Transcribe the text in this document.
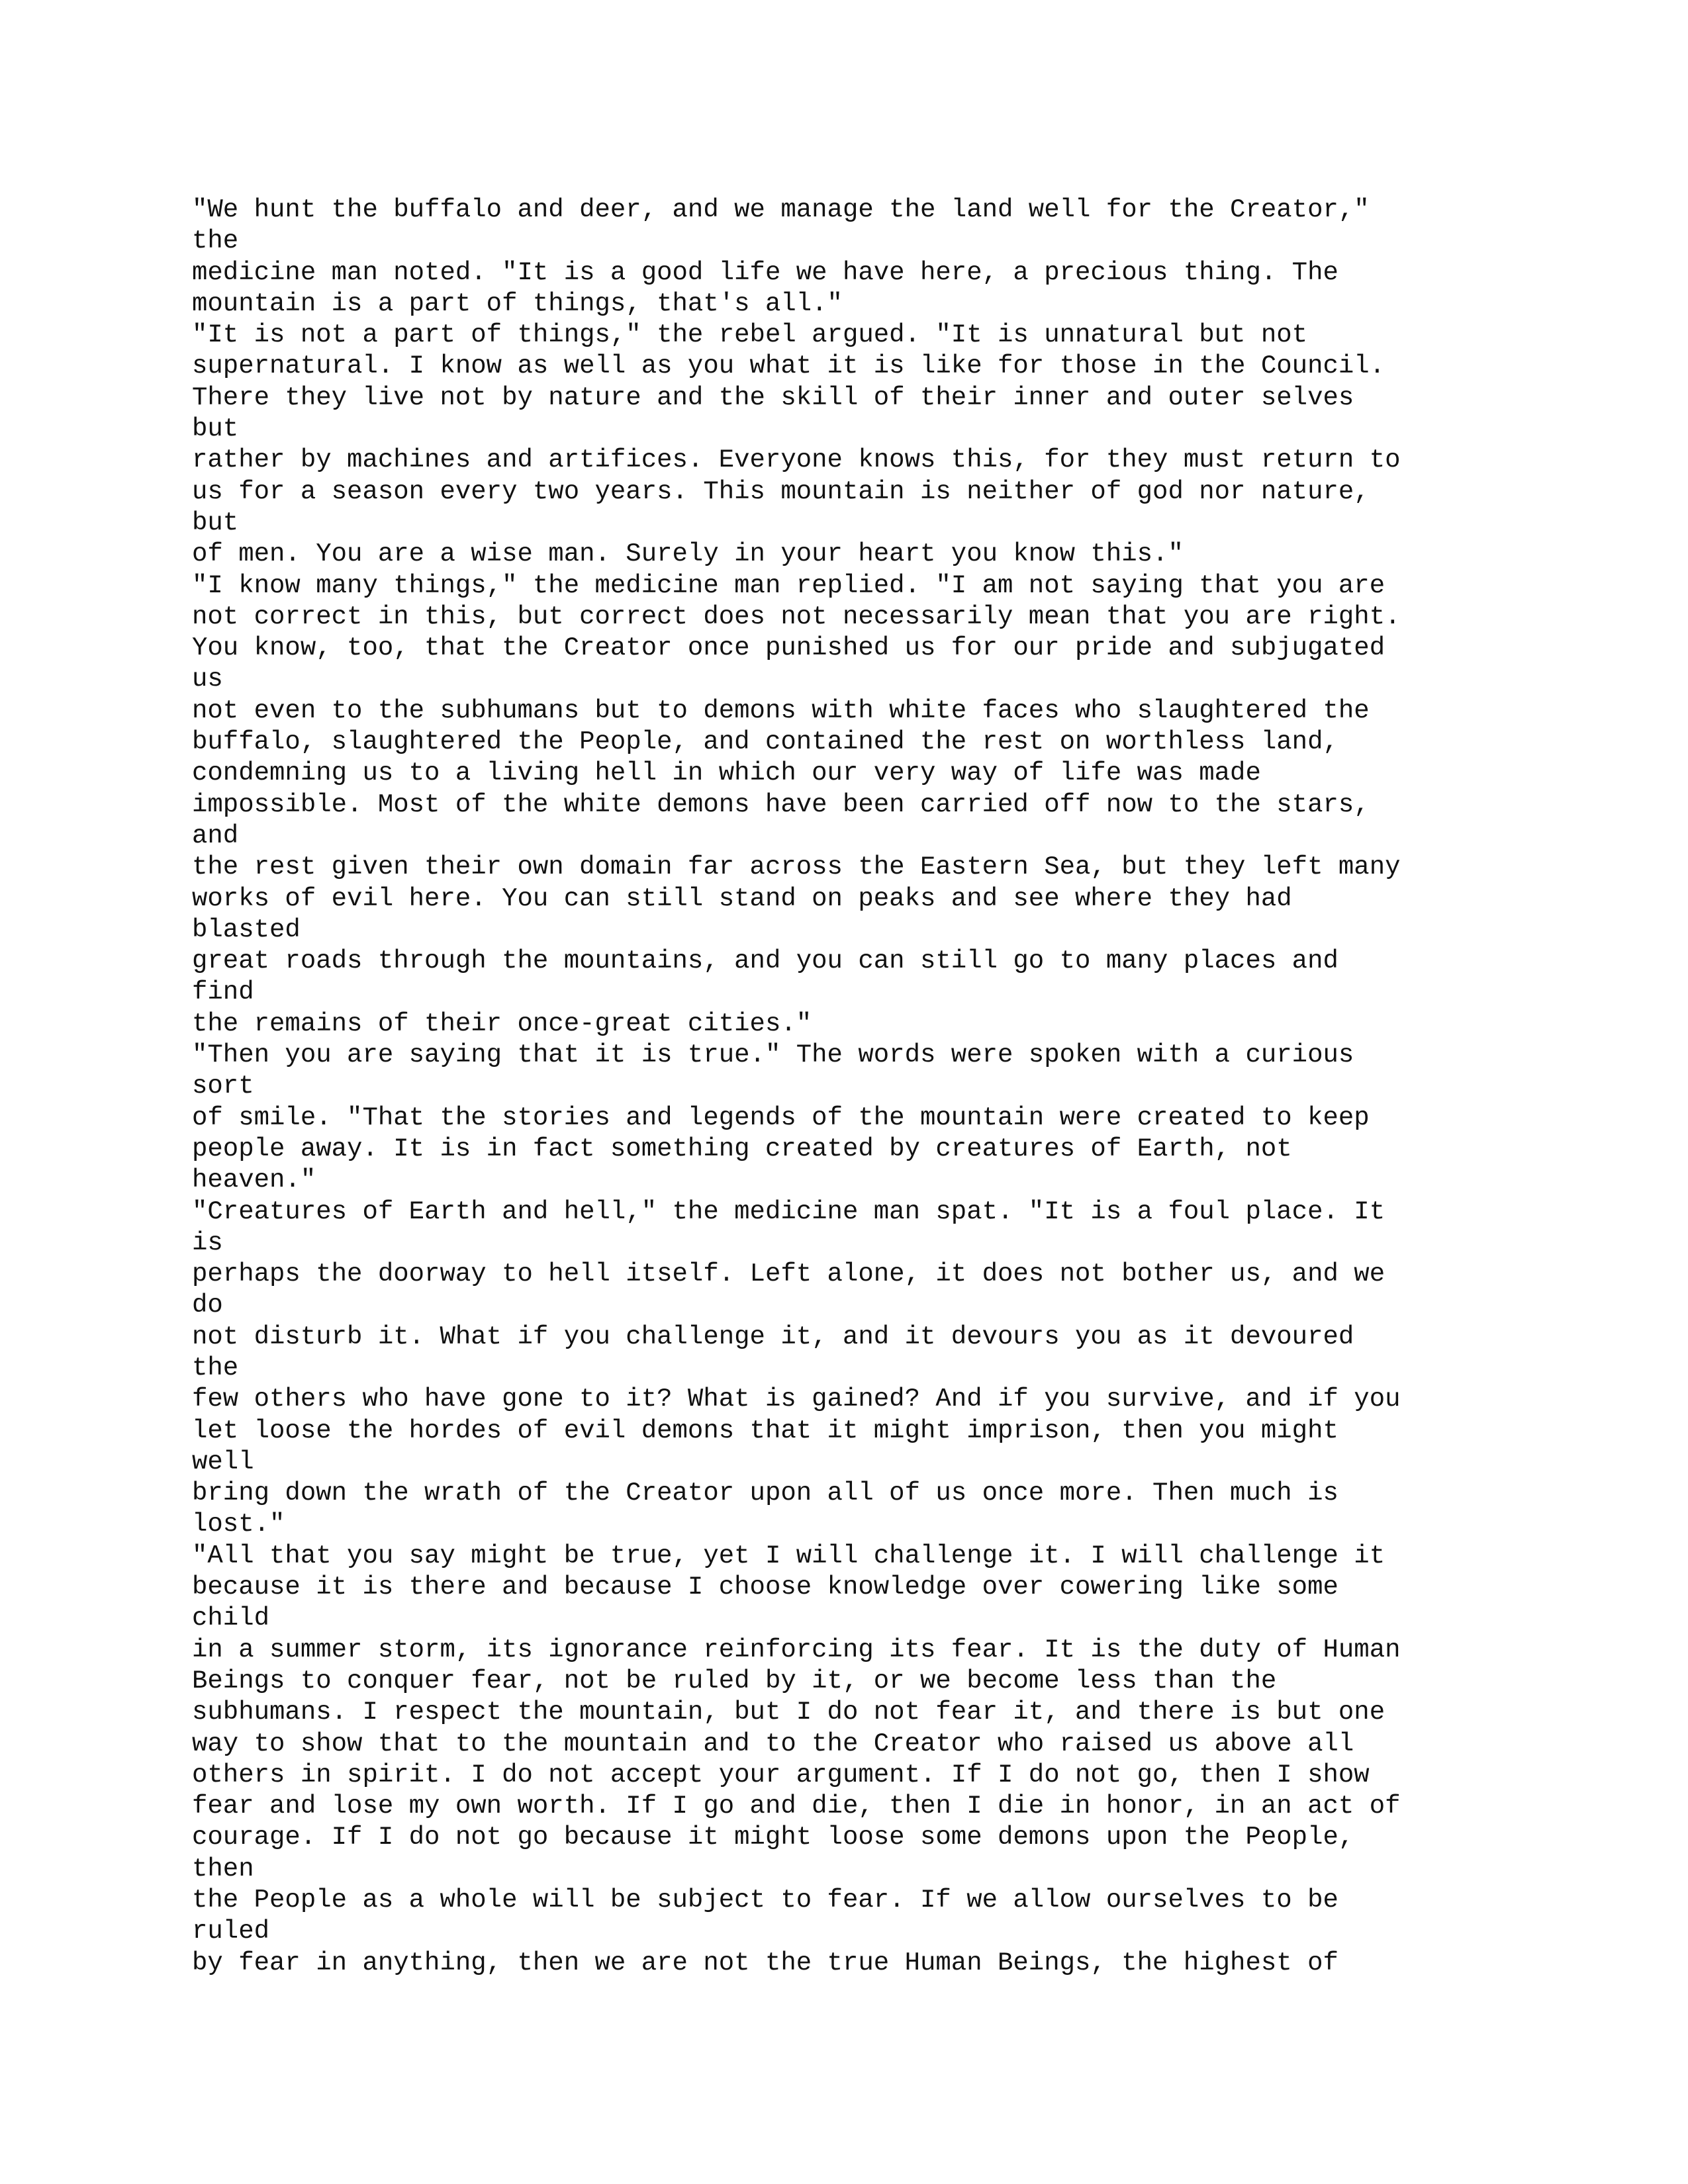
"We hunt the buffalo and deer, and we manage the land well for the Creator,"
the
medicine man noted. "It is a good life we have here, a precious thing. The
mountain is a part of things, that's all."
"It is not a part of things," the rebel argued. "It is unnatural but not
supernatural. I know as well as you what it is like for those in the Council.
There they live not by nature and the skill of their inner and outer selves
but
rather by machines and artifices. Everyone knows this, for they must return to
us for a season every two years. This mountain is neither of god nor nature,
but
of men. You are a wise man. Surely in your heart you know this."
"I know many things," the medicine man replied. "I am not saying that you are
not correct in this, but correct does not necessarily mean that you are right.
You know, too, that the Creator once punished us for our pride and subjugated
us
not even to the subhumans but to demons with white faces who slaughtered the
buffalo, slaughtered the People, and contained the rest on worthless land,
condemning us to a living hell in which our very way of life was made
impossible. Most of the white demons have been carried off now to the stars,
and
the rest given their own domain far across the Eastern Sea, but they left many
works of evil here. You can still stand on peaks and see where they had
blasted
great roads through the mountains, and you can still go to many places and
find
the remains of their once-great cities."
"Then you are saying that it is true." The words were spoken with a curious
sort
of smile. "That the stories and legends of the mountain were created to keep
people away. It is in fact something created by creatures of Earth, not
heaven."
"Creatures of Earth and hell," the medicine man spat. "It is a foul place. It
is
perhaps the doorway to hell itself. Left alone, it does not bother us, and we
do
not disturb it. What if you challenge it, and it devours you as it devoured
the
few others who have gone to it? What is gained? And if you survive, and if you
let loose the hordes of evil demons that it might imprison, then you might
well
bring down the wrath of the Creator upon all of us once more. Then much is
lost."
"All that you say might be true, yet I will challenge it. I will challenge it
because it is there and because I choose knowledge over cowering like some
child
in a summer storm, its ignorance reinforcing its fear. It is the duty of Human
Beings to conquer fear, not be ruled by it, or we become less than the
subhumans. I respect the mountain, but I do not fear it, and there is but one
way to show that to the mountain and to the Creator who raised us above all
others in spirit. I do not accept your argument. If I do not go, then I show
fear and lose my own worth. If I go and die, then I die in honor, in an act of
courage. If I do not go because it might loose some demons upon the People,
then
the People as a whole will be subject to fear. If we allow ourselves to be
ruled
by fear in anything, then we are not the true Human Beings, the highest of
